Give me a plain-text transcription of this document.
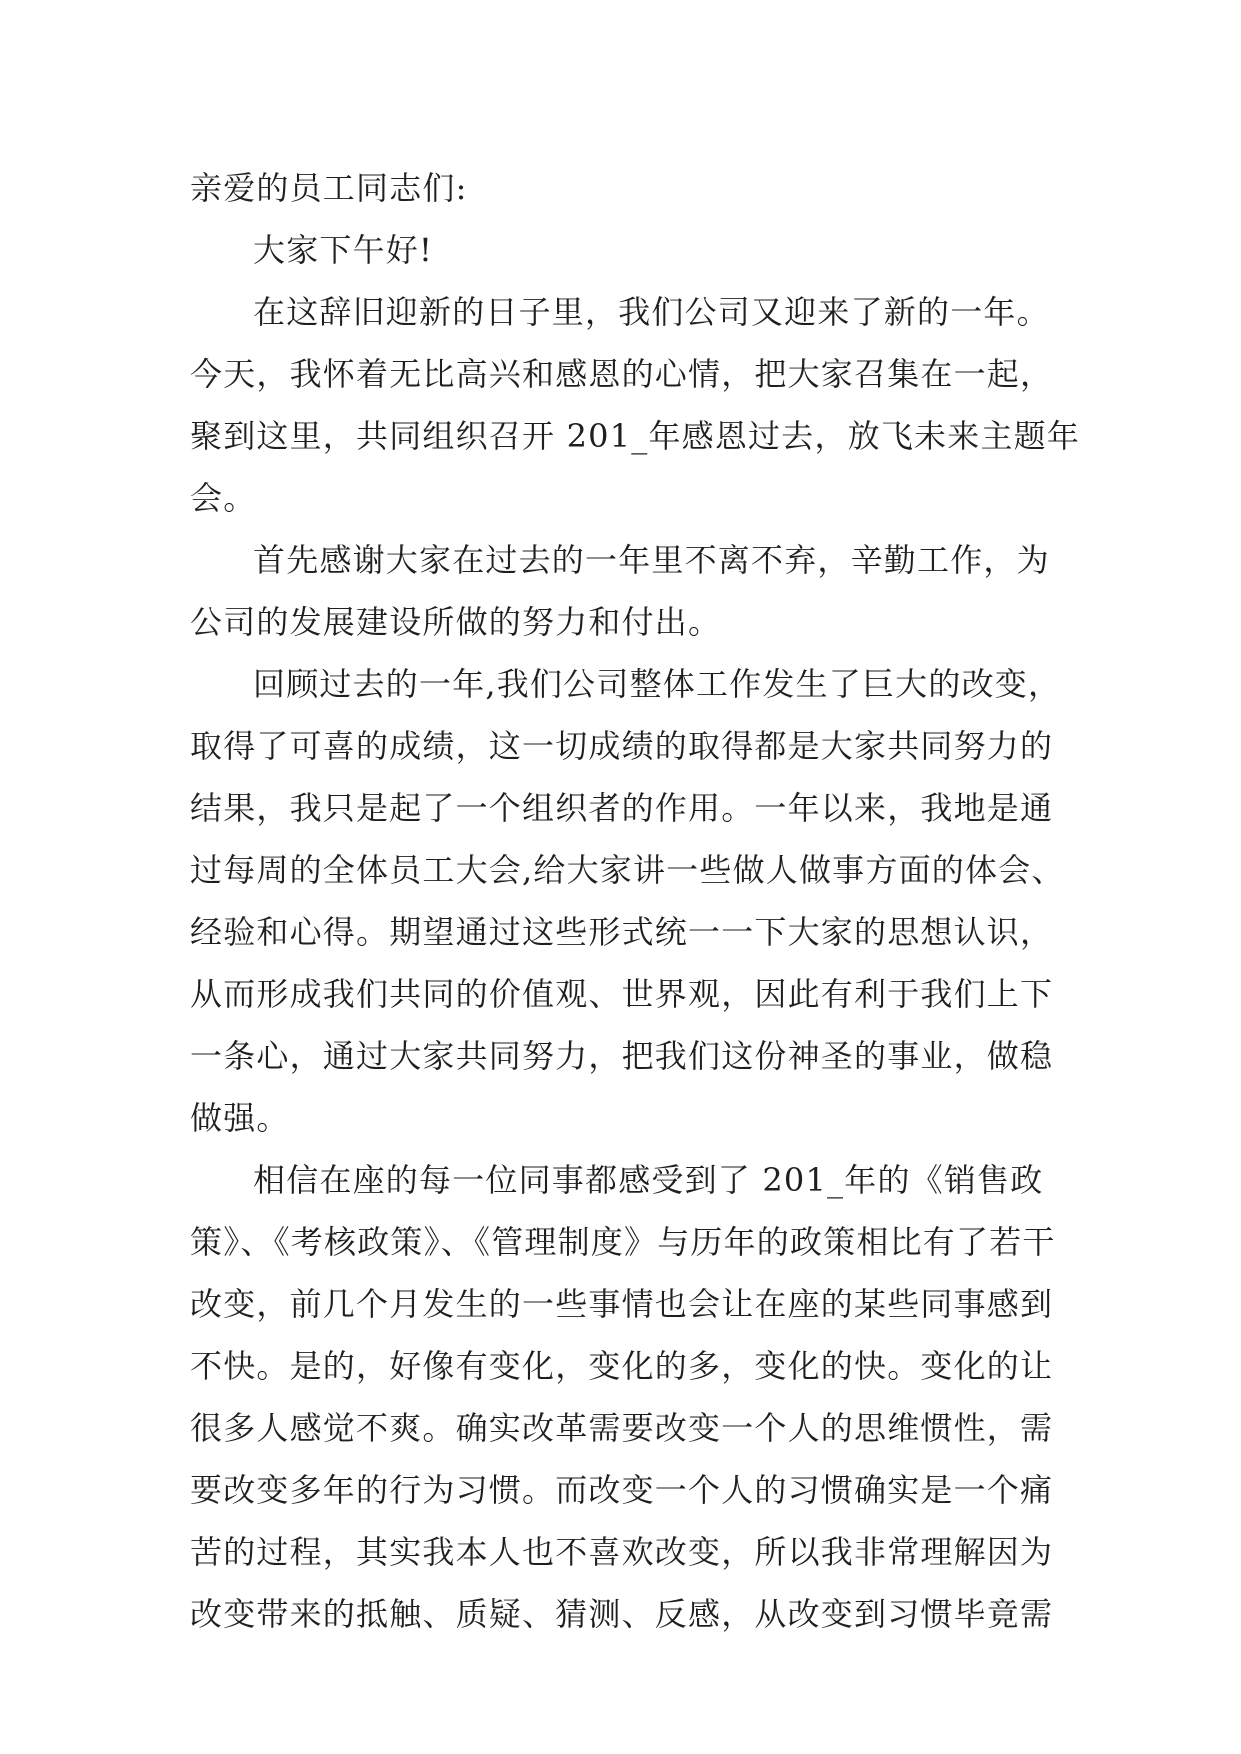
亲爱的员工同志们:
大家下午好!
在这辞旧迎新的日子里，我们公司又迎来了新的一年。
今天，我怀着无比高兴和感恩的心情，把大家召集在一起，
聚到这里，共同组织召开 201_年感恩过去，放飞未来主题年
会。
首先感谢大家在过去的一年里不离不弃，辛勤工作，为
公司的发展建设所做的努力和付出。
回顾过去的一年,我们公司整体工作发生了巨大的改变，
取得了可喜的成绩，这一切成绩的取得都是大家共同努力的
结果，我只是起了一个组织者的作用。一年以来，我地是通
过每周的全体员工大会,给大家讲一些做人做事方面的体会、
经验和心得。期望通过这些形式统一一下大家的思想认识，
从而形成我们共同的价值观、世界观，因此有利于我们上下
一条心，通过大家共同努力，把我们这份神圣的事业，做稳
做强。
相信在座的每一位同事都感受到了 201_年的《销售政
策》、《考核政策》、《管理制度》与历年的政策相比有了若干
改变，前几个月发生的一些事情也会让在座的某些同事感到
不快。是的，好像有变化，变化的多，变化的快。变化的让
很多人感觉不爽。确实改革需要改变一个人的思维惯性，需
要改变多年的行为习惯。而改变一个人的习惯确实是一个痛
苦的过程，其实我本人也不喜欢改变，所以我非常理解因为
改变带来的抵触、质疑、猜测、反感，从改变到习惯毕竟需
